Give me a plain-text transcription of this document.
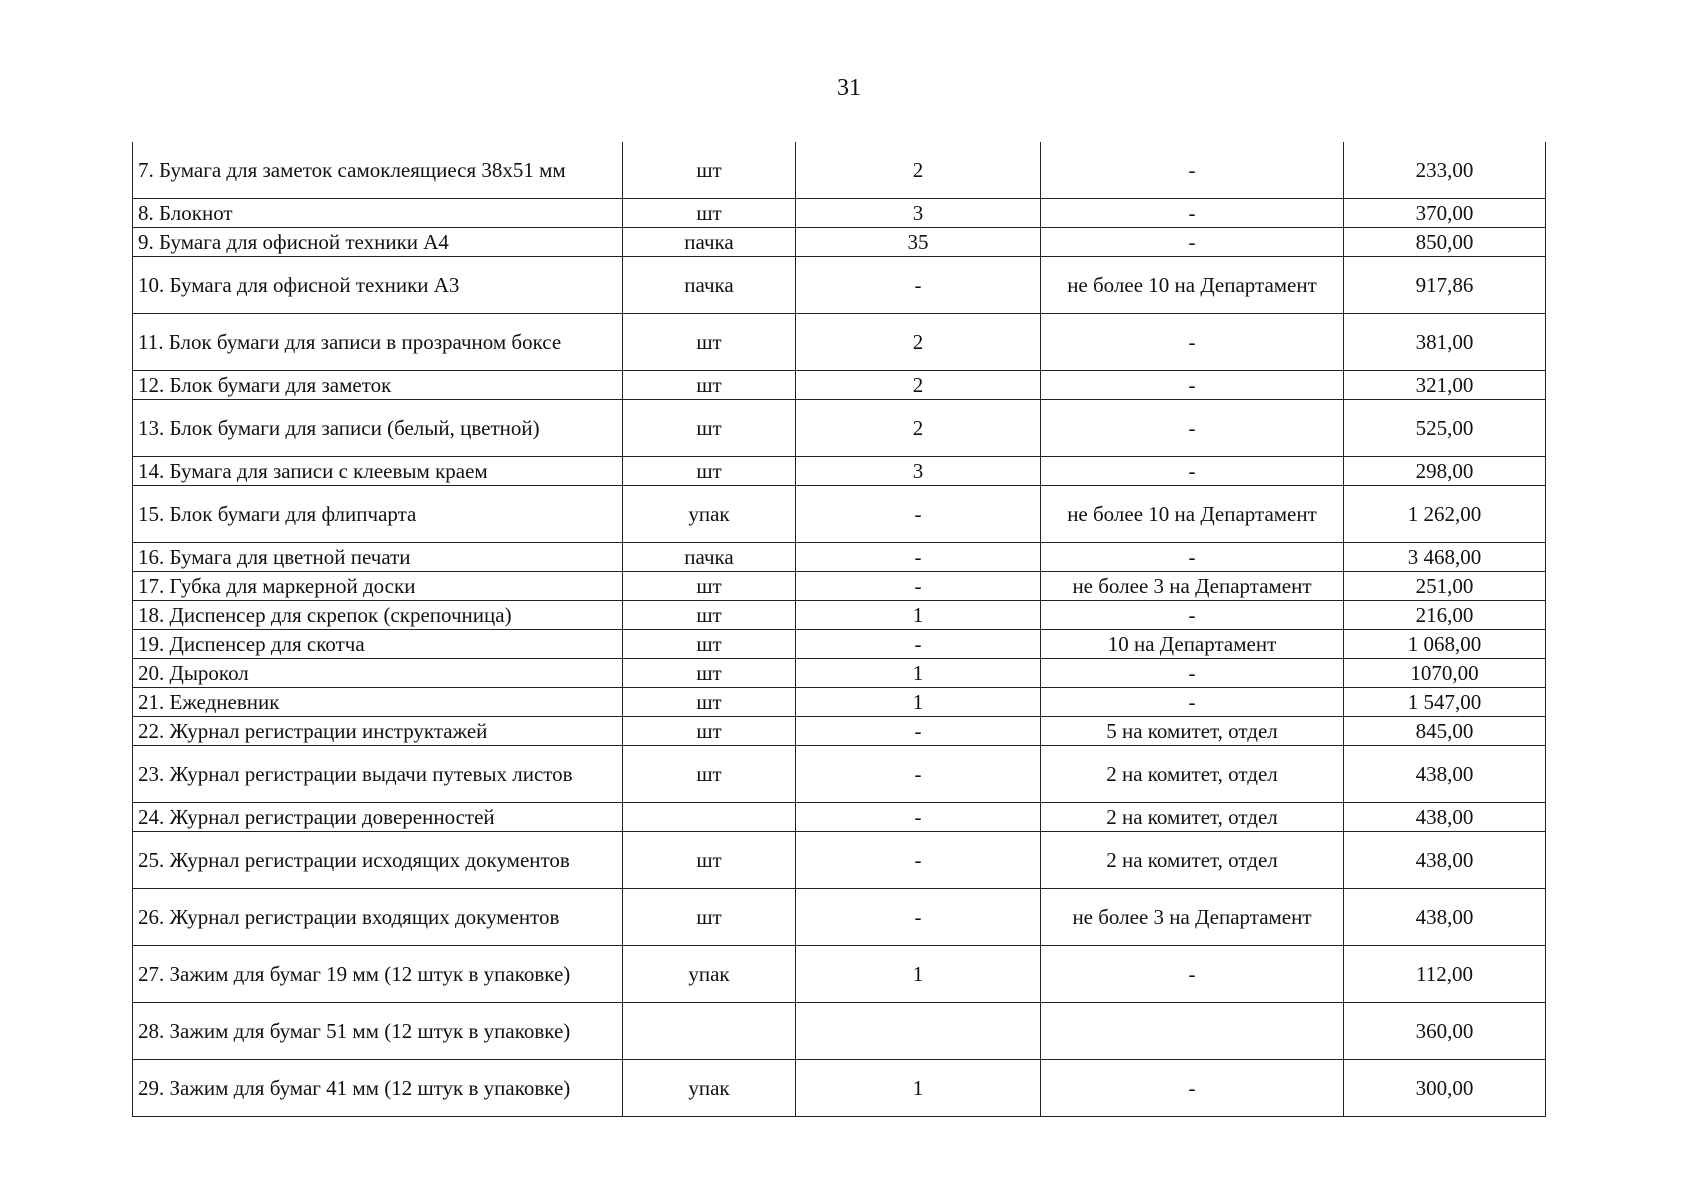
31
7. Бумага для заметок самоклеящиеся 38х51 мм	шт	2	-	233,00
8. Блокнот	шт	3	-	370,00
9. Бумага для офисной техники А4	пачка	35	-	850,00
10. Бумага для офисной техники А3	пачка	-	не более 10 на Департамент	917,86
11. Блок бумаги для записи в прозрачном боксе	шт	2	-	381,00
12. Блок бумаги для заметок	шт	2	-	321,00
13. Блок бумаги для записи (белый, цветной)	шт	2	-	525,00
14. Бумага для записи с клеевым краем	шт	3	-	298,00
15. Блок бумаги для флипчарта	упак	-	не более 10 на Департамент	1 262,00
16. Бумага для цветной печати	пачка	-	-	3 468,00
17. Губка для маркерной доски	шт	-	не более 3 на Департамент	251,00
18. Диспенсер для скрепок (скрепочница)	шт	1	-	216,00
19. Диспенсер для скотча	шт	-	10 на Департамент	1 068,00
20. Дырокол	шт	1	-	1070,00
21. Ежедневник	шт	1	-	1 547,00
22. Журнал регистрации инструктажей	шт	-	5 на комитет, отдел	845,00
23. Журнал регистрации выдачи путевых листов	шт	-	2 на комитет, отдел	438,00
24. Журнал регистрации доверенностей		-	2 на комитет, отдел	438,00
25. Журнал регистрации исходящих документов	шт	-	2 на комитет, отдел	438,00
26. Журнал регистрации входящих документов	шт	-	не более 3 на Департамент	438,00
27. Зажим для бумаг 19 мм (12 штук в упаковке)	упак	1	-	112,00
28. Зажим для бумаг 51 мм (12 штук в упаковке)				360,00
29. Зажим для бумаг 41 мм (12 штук в упаковке)	упак	1	-	300,00
